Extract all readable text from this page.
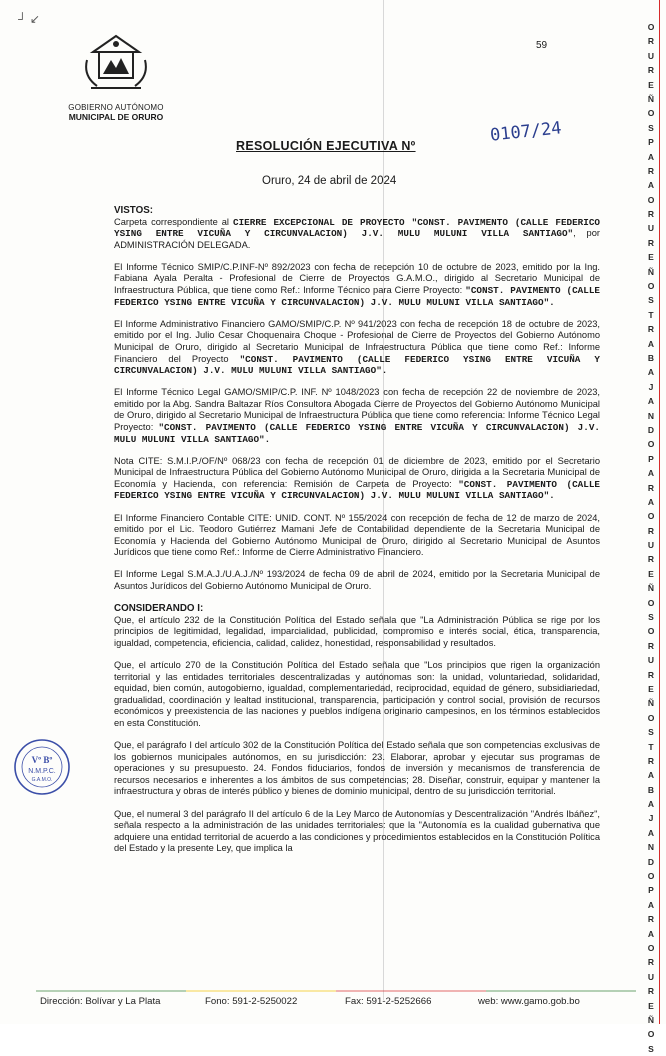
┘ ↙
GOBIERNO AUTÓNOMO
MUNICIPAL DE ORURO
59
RESOLUCIÓN EJECUTIVA Nº
0107/24
Oruro, 24 de abril de 2024

VISTOS:
Carpeta correspondiente al CIERRE EXCEPCIONAL DE PROYECTO "CONST. PAVIMENTO (CALLE FEDERICO YSING ENTRE VICUÑA Y CIRCUNVALACION) J.V. MULU MULUNI VILLA SANTIAGO", por ADMINISTRACIÓN DELEGADA.

El Informe Técnico SMIP/C.P.INF-Nº 892/2023 con fecha de recepción 10 de octubre de 2023, emitido por la Ing. Fabiana Ayala Peralta - Profesional de Cierre de Proyectos G.A.M.O., dirigido al Secretario Municipal de Infraestructura Pública, que tiene como Ref.: Informe Técnico para Cierre Proyecto: "CONST. PAVIMENTO (CALLE FEDERICO YSING ENTRE VICUÑA Y CIRCUNVALACION) J.V. MULU MULUNI VILLA SANTIAGO".

El Informe Administrativo Financiero GAMO/SMIP/C.P. Nº 941/2023 con fecha de recepción 18 de octubre de 2023, emitido por el Ing. Julio Cesar Choquenaira Choque - Profesional de Cierre de Proyectos del Gobierno Autónomo Municipal de Oruro, dirigido al Secretario Municipal de Infraestructura Pública que tiene como Ref.: Informe Financiero del Proyecto "CONST. PAVIMENTO (CALLE FEDERICO YSING ENTRE VICUÑA Y CIRCUNVALACION) J.V. MULU MULUNI VILLA SANTIAGO".

El Informe Técnico Legal GAMO/SMIP/C.P. INF. Nº 1048/2023 con fecha de recepción 22 de noviembre de 2023, emitido por la Abg. Sandra Baltazar Ríos Consultora Abogada Cierre de Proyectos del Gobierno Autónomo Municipal de Oruro, dirigido al Secretario Municipal de Infraestructura Pública que tiene como referencia: Informe Técnico Legal Proyecto: "CONST. PAVIMENTO (CALLE FEDERICO YSING ENTRE VICUÑA Y CIRCUNVALACION) J.V. MULU MULUNI VILLA SANTIAGO".

Nota CITE: S.M.I.P./OF/Nº 068/23 con fecha de recepción 01 de diciembre de 2023, emitido por el Secretario Municipal de Infraestructura Pública del Gobierno Autónomo Municipal de Oruro, dirigida a la Secretaria Municipal de Economía y Hacienda, con referencia: Remisión de Carpeta de Proyecto: "CONST. PAVIMENTO (CALLE FEDERICO YSING ENTRE VICUÑA Y CIRCUNVALACION) J.V. MULU MULUNI VILLA SANTIAGO".

El Informe Financiero Contable CITE: UNID. CONT. Nº 155/2024 con recepción de fecha de 12 de marzo de 2024, emitido por el Lic. Teodoro Gutiérrez Mamani Jefe de Contabilidad dependiente de la Secretaria Municipal de Economía y Hacienda del Gobierno Autónomo Municipal de Oruro, dirigido al Secretario Municipal de Asuntos Jurídicos que tiene como Ref.: Informe de Cierre Administrativo Financiero.

El Informe Legal S.M.A.J./U.A.J./Nº 193/2024 de fecha 09 de abril de 2024, emitido por la Secretaria Municipal de Asuntos Jurídicos del Gobierno Autónomo Municipal de Oruro.

CONSIDERANDO I:
Que, el artículo 232 de la Constitución Política del Estado señala que "La Administración Pública se rige por los principios de legitimidad, legalidad, imparcialidad, publicidad, compromiso e interés social, ética, transparencia, igualdad, competencia, eficiencia, calidad, calidez, honestidad, responsabilidad y resultados.

Que, el artículo 270 de la Constitución Política del Estado señala que "Los principios que rigen la organización territorial y las entidades territoriales descentralizadas y autónomas son: la unidad, voluntariedad, solidaridad, equidad, bien común, autogobierno, igualdad, complementariedad, reciprocidad, equidad de género, subsidiariedad, gradualidad, coordinación y lealtad institucional, transparencia, participación y control social, provisión de recursos económicos y preexistencia de las naciones y pueblos indígena originario campesinos, en los términos establecidos en esta Constitución.

Que, el parágrafo I del artículo 302 de la Constitución Política del Estado señala que son competencias exclusivas de los gobiernos municipales autónomos, en su jurisdicción: 23. Elaborar, aprobar y ejecutar sus programas de operaciones y su presupuesto. 24. Fondos fiduciarios, fondos de inversión y mecanismos de transferencia de recursos necesarios e inherentes a los ámbitos de sus competencias; 28. Diseñar, construir, equipar y mantener la infraestructura y obras de interés público y bienes de dominio municipal, dentro de su jurisdicción territorial.

Que, el numeral 3 del parágrafo II del artículo 6 de la Ley Marco de Autonomías y Descentralización "Andrés Ibáñez", señala respecto a la administración de las unidades territoriales: que la "Autonomía es la cualidad gubernativa que adquiere una entidad territorial de acuerdo a las condiciones y procedimientos establecidos en la Constitución Política del Estado y la presente Ley, que implica la

Vº Bº
N.M.P.C.
G.A.M.O.
Dirección: Bolívar y La Plata	Fono: 591-2-5250022	Fax: 591-2-5252666	web: www.gamo.gob.bo
O
R
U
R
E
Ñ
O
S
P
A
R
A
O
R
U
R
E
Ñ
O
S
T
R
A
B
A
J
A
N
D
O
P
A
R
A
O
R
U
R
E
Ñ
O
S
O
R
U
R
E
Ñ
O
S
T
R
A
B
A
J
A
N
D
O
P
A
R
A
O
R
U
R
E
Ñ
O
S
